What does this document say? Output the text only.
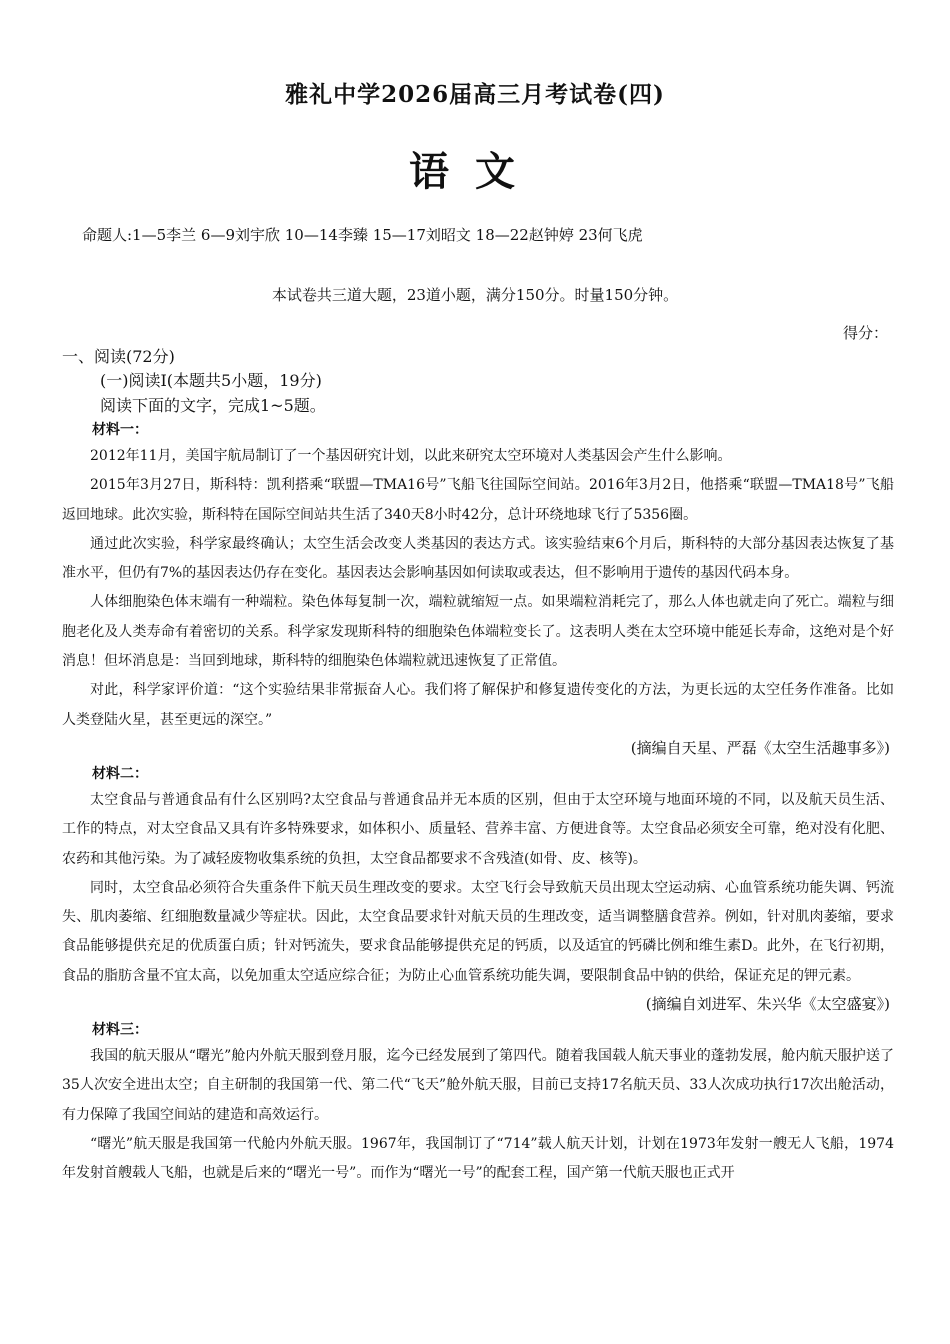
雅礼中学2026届高三月考试卷(四)
语文
命题人:1—5李兰 6—9刘宇欣 10—14李臻 15—17刘昭文 18—22赵钟婷 23何飞虎
本试卷共三道大题，23道小题，满分150分。时量150分钟。
得分：
一、阅读(72分)
(一)阅读Ⅰ(本题共5小题，19分)
阅读下面的文字，完成1~5题。
材料一：

2012年11月，美国宇航局制订了一个基因研究计划，以此来研究太空环境对人类基因会产生什么影响。

2015年3月27日，斯科特：凯利搭乘“联盟—TMA16号”飞船飞往国际空间站。2016年3月2日，他搭乘“联盟—TMA18号”飞船返回地球。此次实验，斯科特在国际空间站共生活了340天8小时42分，总计环绕地球飞行了5356圈。

通过此次实验，科学家最终确认；太空生活会改变人类基因的表达方式。该实验结束6个月后，斯科特的大部分基因表达恢复了基准水平，但仍有7%的基因表达仍存在变化。基因表达会影响基因如何读取或表达，但不影响用于遗传的基因代码本身。

人体细胞染色体末端有一种端粒。染色体每复制一次，端粒就缩短一点。如果端粒消耗完了，那么人体也就走向了死亡。端粒与细胞老化及人类寿命有着密切的关系。科学家发现斯科特的细胞染色体端粒变长了。这表明人类在太空环境中能延长寿命，这绝对是个好消息！但坏消息是：当回到地球，斯科特的细胞染色体端粒就迅速恢复了正常值。

对此，科学家评价道：“这个实验结果非常振奋人心。我们将了解保护和修复遗传变化的方法，为更长远的太空任务作准备。比如人类登陆火星，甚至更远的深空。”

(摘编自天星、严磊《太空生活趣事多》)
材料二：

太空食品与普通食品有什么区别吗?太空食品与普通食品并无本质的区别，但由于太空环境与地面环境的不同，以及航天员生活、工作的特点，对太空食品又具有许多特殊要求，如体积小、质量轻、营养丰富、方便进食等。太空食品必须安全可靠，绝对没有化肥、农药和其他污染。为了减轻废物收集系统的负担，太空食品都要求不含残渣(如骨、皮、核等)。

同时，太空食品必须符合失重条件下航天员生理改变的要求。太空飞行会导致航天员出现太空运动病、心血管系统功能失调、钙流失、肌肉萎缩、红细胞数量减少等症状。因此，太空食品要求针对航天员的生理改变，适当调整膳食营养。例如，针对肌肉萎缩，要求食品能够提供充足的优质蛋白质；针对钙流失，要求食品能够提供充足的钙质，以及适宜的钙磷比例和维生素D。此外，在飞行初期，食品的脂肪含量不宜太高，以免加重太空适应综合征；为防止心血管系统功能失调，要限制食品中钠的供给，保证充足的钾元素。

(摘编自刘进军、朱兴华《太空盛宴》)
材料三：

我国的航天服从“曙光”舱内外航天服到登月服，迄今已经发展到了第四代。随着我国载人航天事业的蓬勃发展，舱内航天服护送了35人次安全进出太空；自主研制的我国第一代、第二代“飞天”舱外航天服，目前已支持17名航天员、33人次成功执行17次出舱活动，有力保障了我国空间站的建造和高效运行。

“曙光”航天服是我国第一代舱内外航天服。1967年，我国制订了“714”载人航天计划，计划在1973年发射一艘无人飞船，1974年发射首艘载人飞船，也就是后来的“曙光一号”。而作为“曙光一号”的配套工程，国产第一代航天服也正式开
